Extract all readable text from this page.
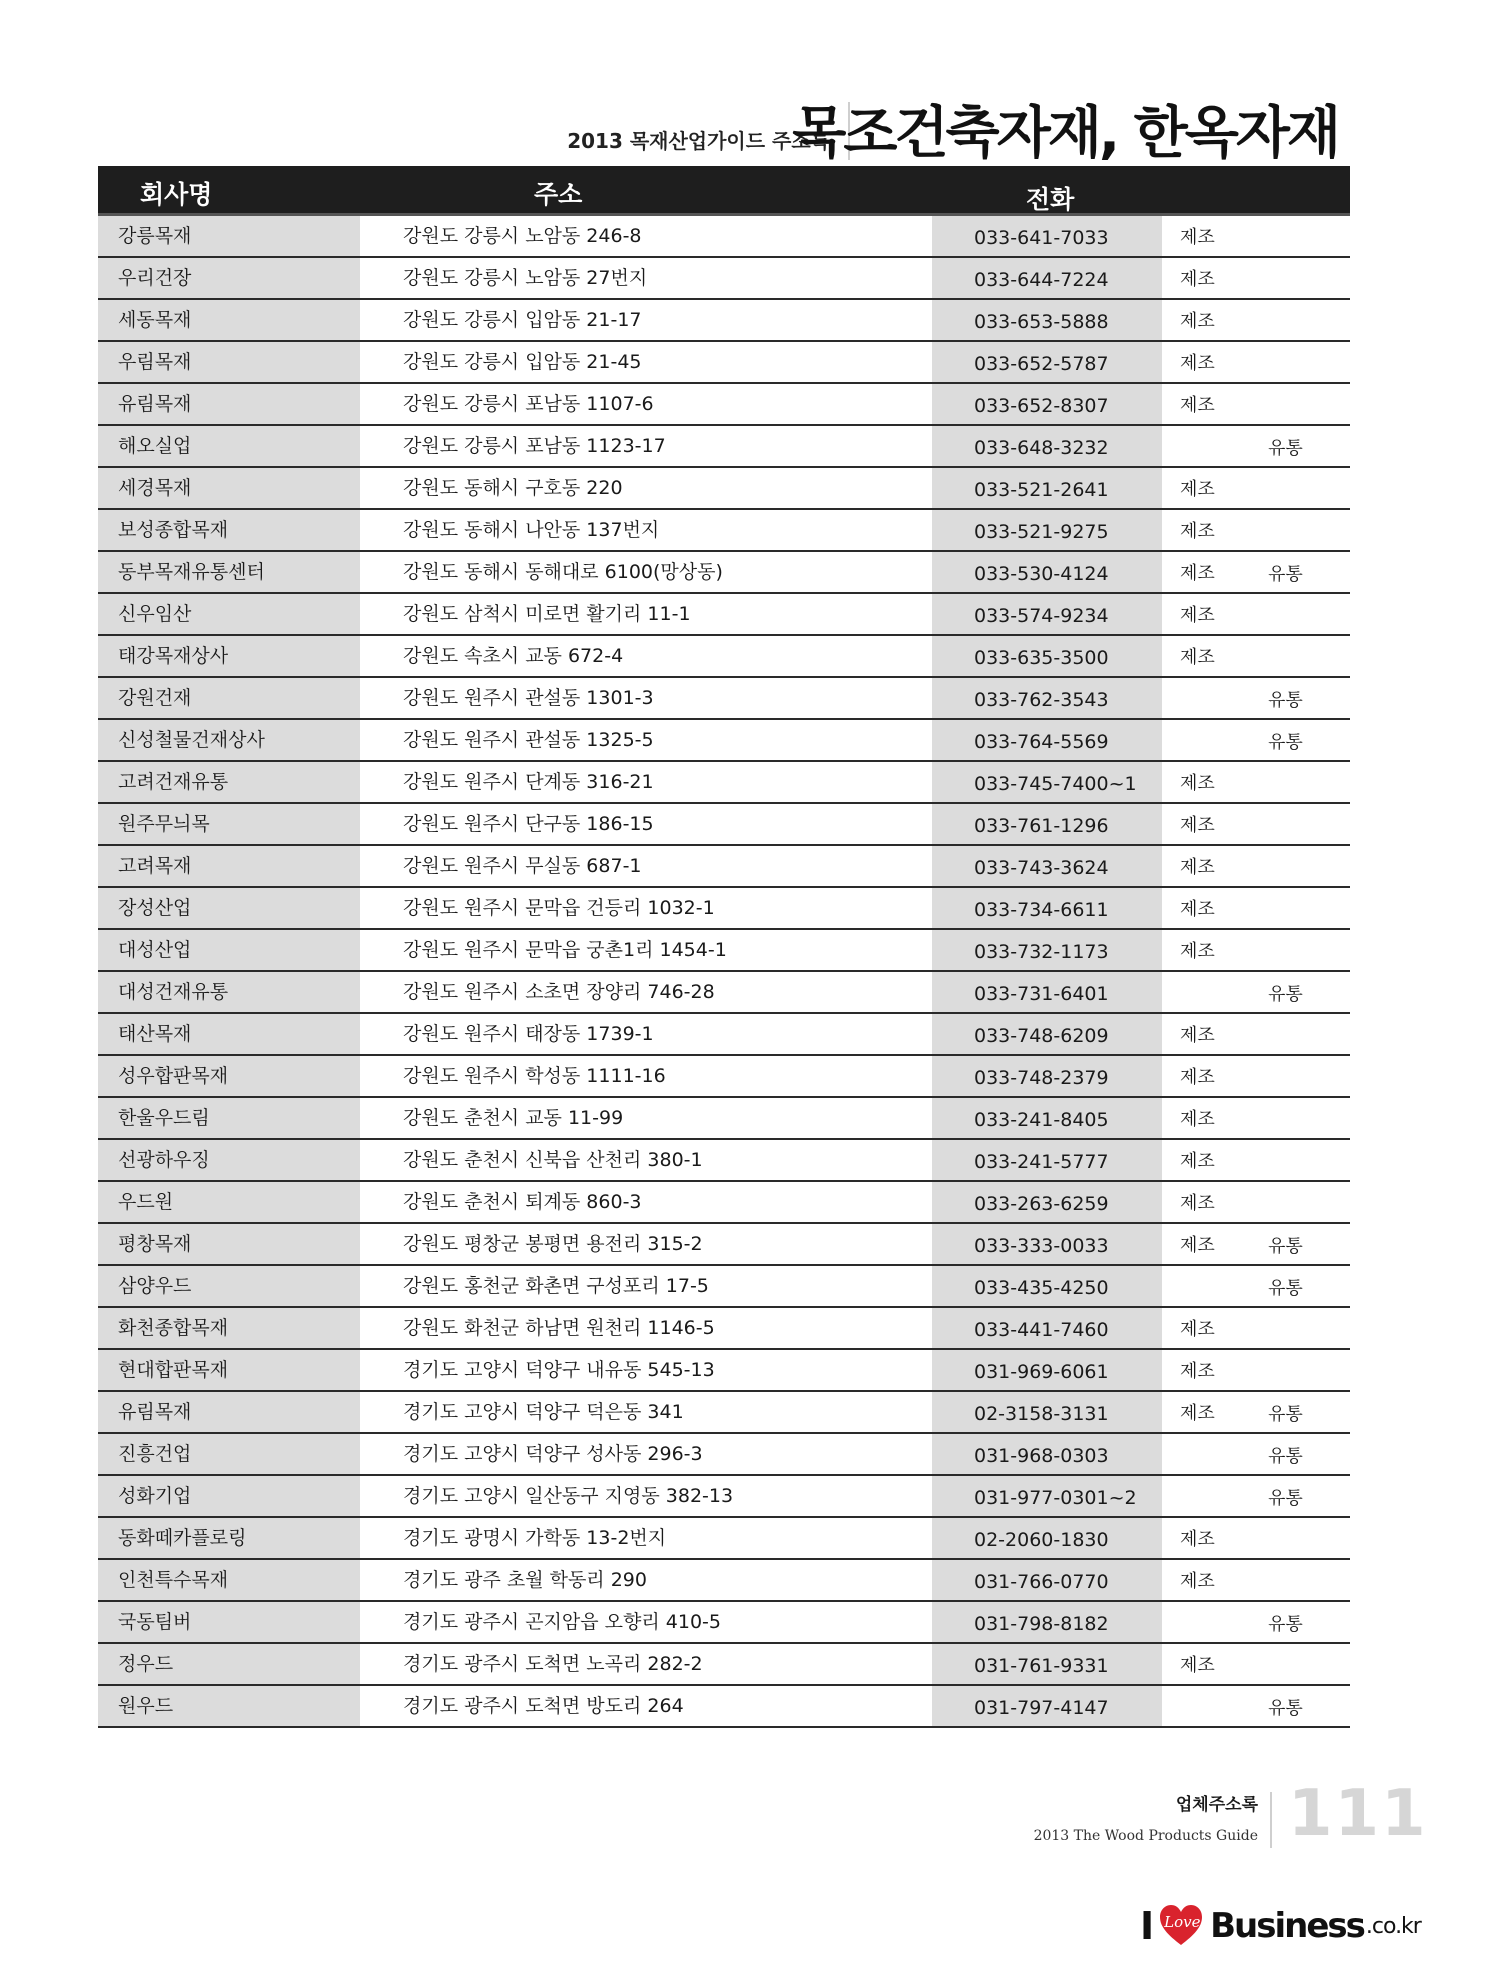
2013 목재산업가이드 주소록
목조건축자재, 한옥자재
회사명	주소	전화
강릉목재	강원도 강릉시 노암동 246-8	033-641-7033	제조
우리건장	강원도 강릉시 노암동 27번지	033-644-7224	제조
세동목재	강원도 강릉시 입암동 21-17	033-653-5888	제조
우림목재	강원도 강릉시 입암동 21-45	033-652-5787	제조
유림목재	강원도 강릉시 포남동 1107-6	033-652-8307	제조
해오실업	강원도 강릉시 포남동 1123-17	033-648-3232	유통
세경목재	강원도 동해시 구호동 220	033-521-2641	제조
보성종합목재	강원도 동해시 나안동 137번지	033-521-9275	제조
동부목재유통센터	강원도 동해시 동해대로 6100(망상동)	033-530-4124	제조	유통
신우임산	강원도 삼척시 미로면 활기리 11-1	033-574-9234	제조
태강목재상사	강원도 속초시 교동 672-4	033-635-3500	제조
강원건재	강원도 원주시 관설동 1301-3	033-762-3543	유통
신성철물건재상사	강원도 원주시 관설동 1325-5	033-764-5569	유통
고려건재유통	강원도 원주시 단계동 316-21	033-745-7400~1	제조
원주무늬목	강원도 원주시 단구동 186-15	033-761-1296	제조
고려목재	강원도 원주시 무실동 687-1	033-743-3624	제조
장성산업	강원도 원주시 문막읍 건등리 1032-1	033-734-6611	제조
대성산업	강원도 원주시 문막읍 궁촌1리 1454-1	033-732-1173	제조
대성건재유통	강원도 원주시 소초면 장양리 746-28	033-731-6401	유통
태산목재	강원도 원주시 태장동 1739-1	033-748-6209	제조
성우합판목재	강원도 원주시 학성동 1111-16	033-748-2379	제조
한울우드림	강원도 춘천시 교동 11-99	033-241-8405	제조
선광하우징	강원도 춘천시 신북읍 산천리 380-1	033-241-5777	제조
우드원	강원도 춘천시 퇴계동 860-3	033-263-6259	제조
평창목재	강원도 평창군 봉평면 용전리 315-2	033-333-0033	제조	유통
삼양우드	강원도 홍천군 화촌면 구성포리 17-5	033-435-4250	유통
화천종합목재	강원도 화천군 하남면 원천리 1146-5	033-441-7460	제조
현대합판목재	경기도 고양시 덕양구 내유동 545-13	031-969-6061	제조
유림목재	경기도 고양시 덕양구 덕은동 341	02-3158-3131	제조	유통
진흥건업	경기도 고양시 덕양구 성사동 296-3	031-968-0303	유통
성화기업	경기도 고양시 일산동구 지영동 382-13	031-977-0301~2	유통
동화떼카플로링	경기도 광명시 가학동 13-2번지	02-2060-1830	제조
인천특수목재	경기도 광주 초월 학동리 290	031-766-0770	제조
국동팀버	경기도 광주시 곤지암읍 오향리 410-5	031-798-8182	유통
정우드	경기도 광주시 도척면 노곡리 282-2	031-761-9331	제조
원우드	경기도 광주시 도척면 방도리 264	031-797-4147	유통
업체주소록
2013 The Wood Products Guide 111
I Love Business .co.kr
